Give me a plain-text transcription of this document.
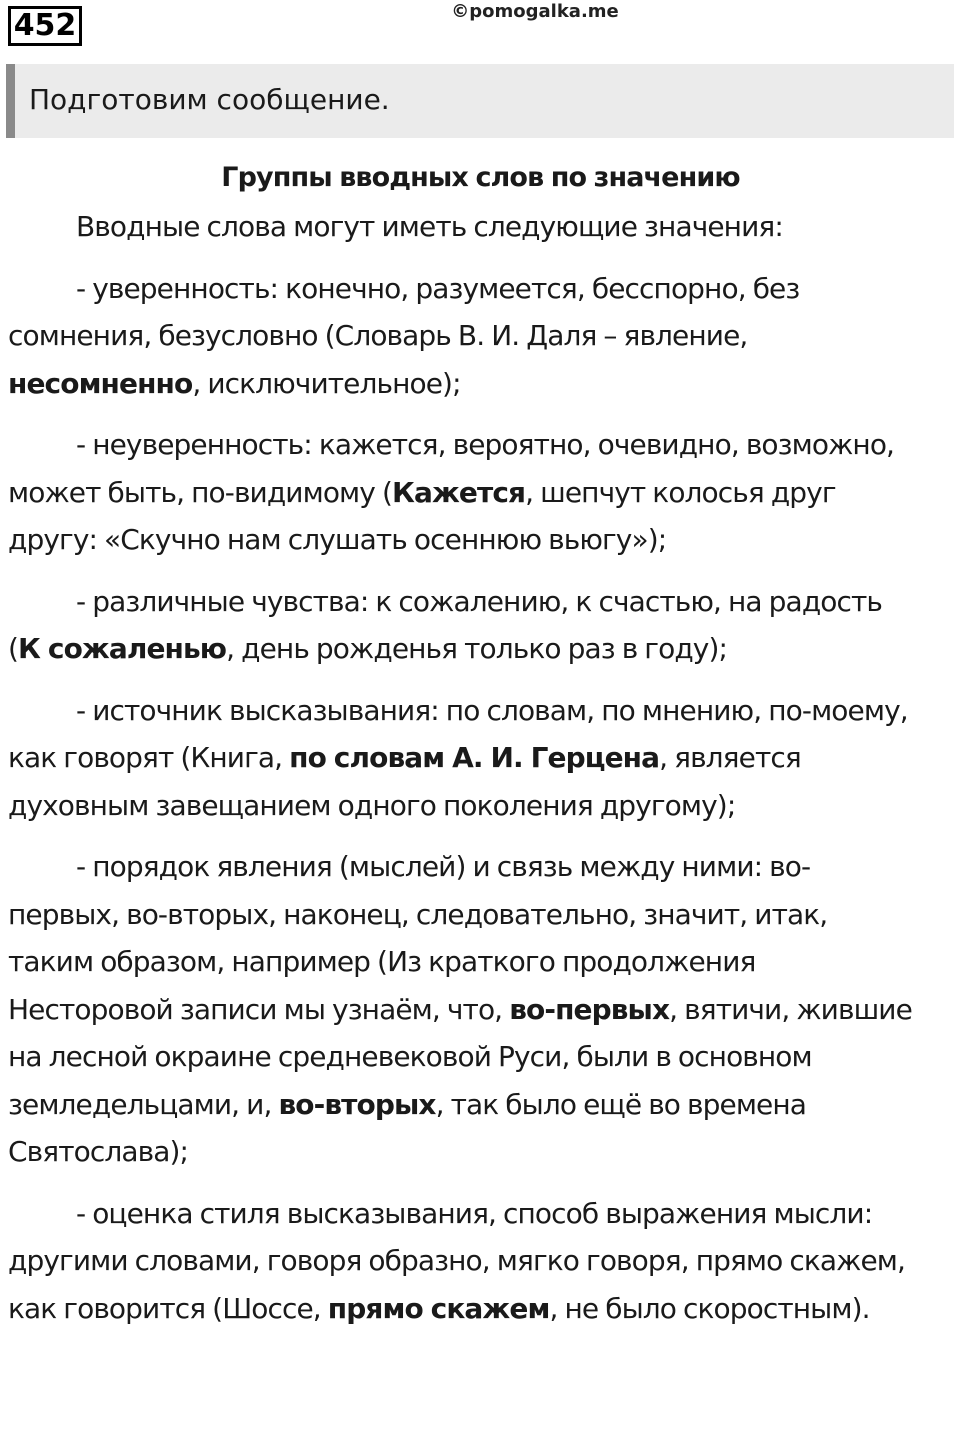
452	©pomogalka.me
Подготовим сообщение.
Группы вводных слов по значению

Вводные слова могут иметь следующие значения:

- уверенность: конечно, разумеется, бесспорно, без сомнения, безусловно (Словарь В. И. Даля – явление, несомненно, исключительное);

- неуверенность: кажется, вероятно, очевидно, возможно, может быть, по-видимому (Кажется, шепчут колосья друг другу: «Скучно нам слушать осеннюю вьюгу»);

- различные чувства: к сожалению, к счастью, на радость (К сожаленью, день рожденья только раз в году);

- источник высказывания: по словам, по мнению, по-моему, как говорят (Книга, по словам А. И. Герцена, является духовным завещанием одного поколения другому);

- порядок явления (мыслей) и связь между ними: во-первых, во-вторых, наконец, следовательно, значит, итак, таким образом, например (Из краткого продолжения Несторовой записи мы узнаём, что, во-первых, вятичи, жившие на лесной окраине средневековой Руси, были в основном земледельцами, и, во-вторых, так было ещё во времена Святослава);

- оценка стиля высказывания, способ выражения мысли: другими словами, говоря образно, мягко говоря, прямо скажем, как говорится (Шоссе, прямо скажем, не было скоростным).
